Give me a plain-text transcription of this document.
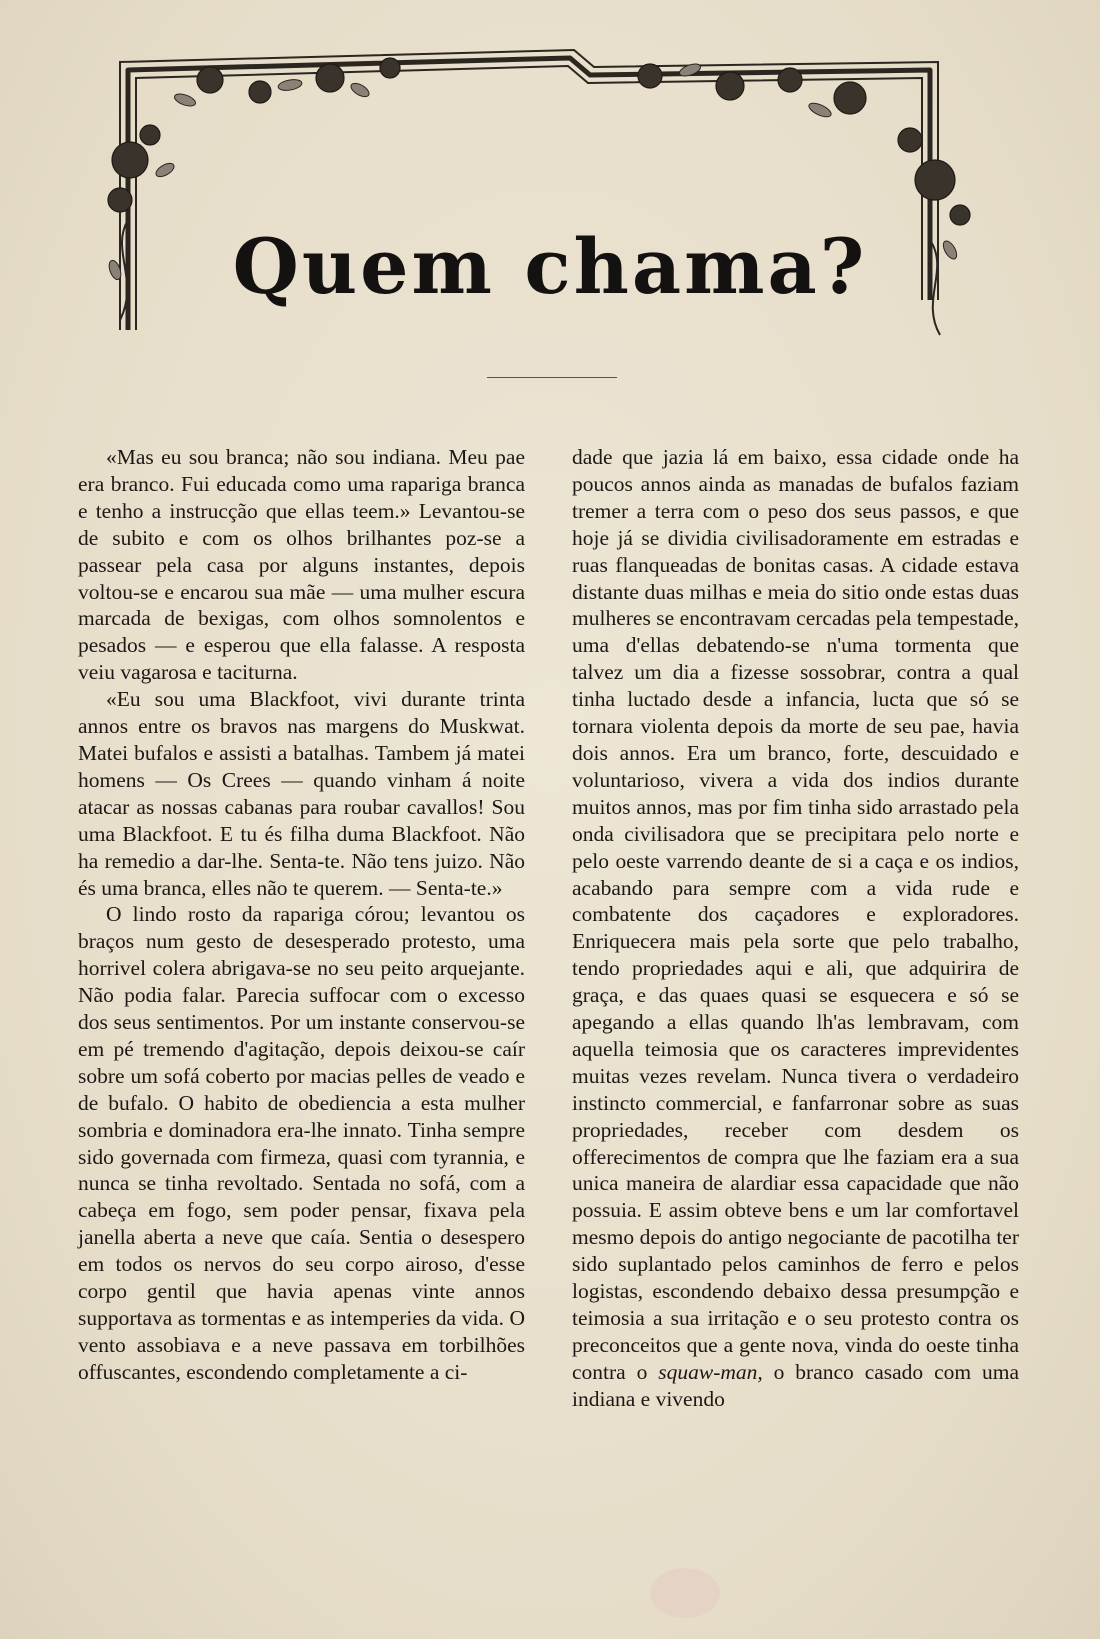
Quem chama?

«Mas eu sou branca; não sou indiana. Meu pae era branco. Fui educada como uma rapariga branca e tenho a instrucção que ellas teem.» Levantou-se de subito e com os olhos brilhantes poz-se a passear pela casa por alguns instantes, depois voltou-se e encarou sua mãe — uma mulher escura marcada de bexigas, com olhos somnolentos e pesados — e esperou que ella falasse. A resposta veiu vagarosa e taciturna.

«Eu sou uma Blackfoot, vivi durante trinta annos entre os bravos nas margens do Muskwat. Matei bufalos e assisti a batalhas. Tambem já matei homens — Os Crees — quando vinham á noite atacar as nossas cabanas para roubar cavallos! Sou uma Blackfoot. E tu és filha duma Blackfoot. Não ha remedio a dar-lhe. Senta-te. Não tens juizo. Não és uma branca, elles não te querem. — Senta-te.»

O lindo rosto da rapariga córou; levantou os braços num gesto de desesperado protesto, uma horrivel colera abrigava-se no seu peito arquejante. Não podia falar. Parecia suffocar com o excesso dos seus sentimentos. Por um instante conservou-se em pé tremendo d'agitação, depois deixou-se caír sobre um sofá coberto por macias pelles de veado e de bufalo. O habito de obediencia a esta mulher sombria e dominadora era-lhe innato. Tinha sempre sido governada com firmeza, quasi com tyrannia, e nunca se tinha revoltado. Sentada no sofá, com a cabeça em fogo, sem poder pensar, fixava pela janella aberta a neve que caía. Sentia o desespero em todos os nervos do seu corpo airoso, d'esse corpo gentil que havia apenas vinte annos supportava as tormentas e as intemperies da vida. O vento assobiava e a neve passava em torbilhões offuscantes, escondendo completamente a ci-

dade que jazia lá em baixo, essa cidade onde ha poucos annos ainda as manadas de bufalos faziam tremer a terra com o peso dos seus passos, e que hoje já se dividia civilisadoramente em estradas e ruas flanqueadas de bonitas casas. A cidade estava distante duas milhas e meia do sitio onde estas duas mulheres se encontravam cercadas pela tempestade, uma d'ellas debatendo-se n'uma tormenta que talvez um dia a fizesse sossobrar, contra a qual tinha luctado desde a infancia, lucta que só se tornara violenta depois da morte de seu pae, havia dois annos. Era um branco, forte, descuidado e voluntarioso, vivera a vida dos indios durante muitos annos, mas por fim tinha sido arrastado pela onda civilisadora que se precipitara pelo norte e pelo oeste varrendo deante de si a caça e os indios, acabando para sempre com a vida rude e combatente dos caçadores e exploradores. Enriquecera mais pela sorte que pelo trabalho, tendo propriedades aqui e ali, que adquirira de graça, e das quaes quasi se esquecera e só se apegando a ellas quando lh'as lembravam, com aquella teimosia que os caracteres imprevidentes muitas vezes revelam. Nunca tivera o verdadeiro instincto commercial, e fanfarronar sobre as suas propriedades, receber com desdem os offerecimentos de compra que lhe faziam era a sua unica maneira de alardiar essa capacidade que não possuia. E assim obteve bens e um lar comfortavel mesmo depois do antigo negociante de pacotilha ter sido suplantado pelos caminhos de ferro e pelos logistas, escondendo debaixo dessa presumpção e teimosia a sua irritação e o seu protesto contra os preconceitos que a gente nova, vinda do oeste tinha contra o squaw-man, o branco casado com uma indiana e vivendo
